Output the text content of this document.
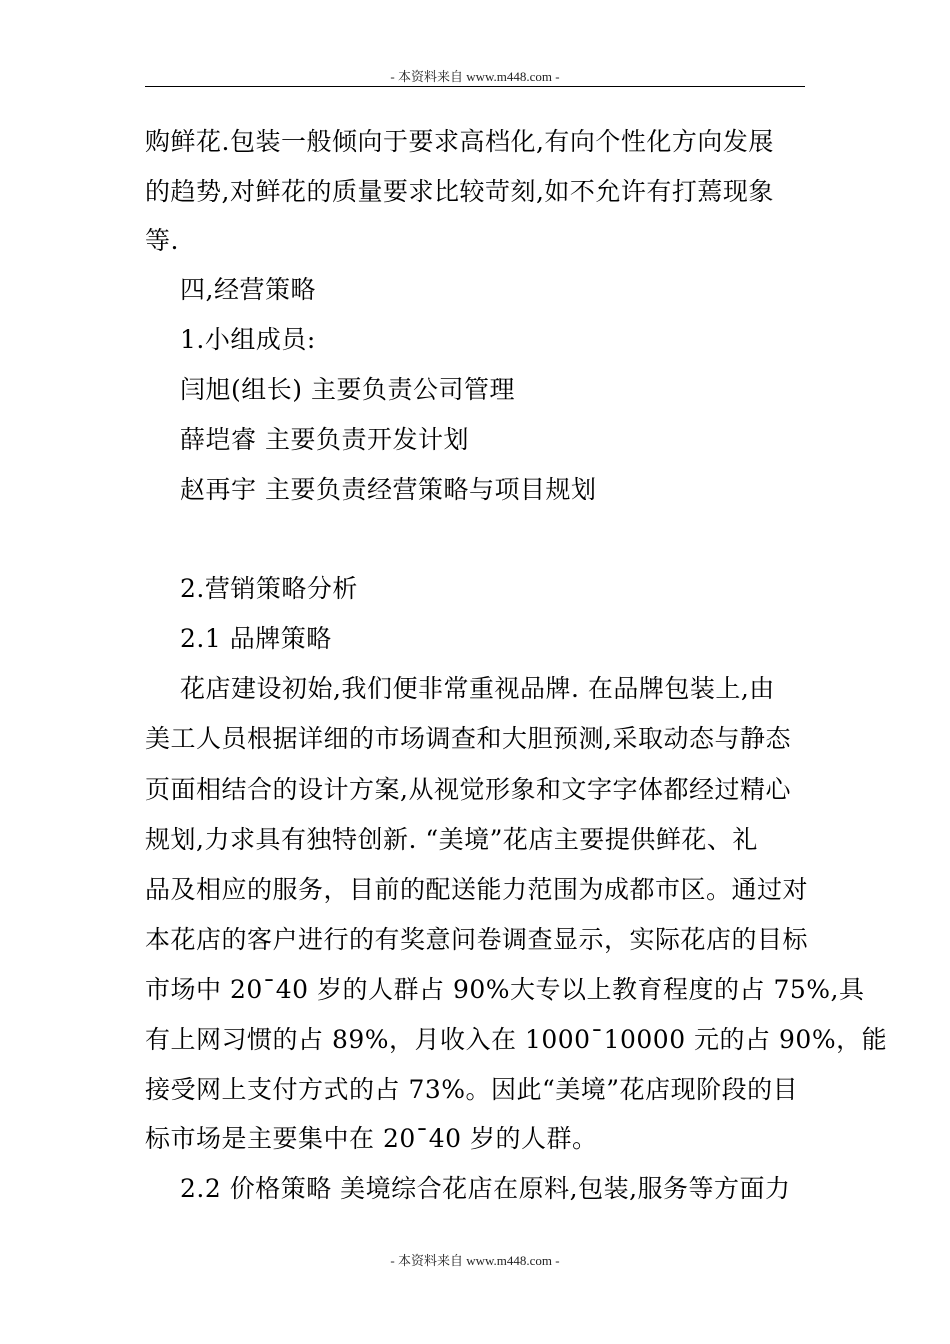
- 本资料来自 www.m448.com -
购鲜花.包装一般倾向于要求高档化,有向个性化方向发展
的趋势,对鲜花的质量要求比较苛刻,如不允许有打蔫现象
等.
四,经营策略
1.小组成员:
闫旭(组长) 主要负责公司管理
薛垲睿 主要负责开发计划
赵再宇 主要负责经营策略与项目规划
2.营销策略分析
2.1 品牌策略
花店建设初始,我们便非常重视品牌. 在品牌包装上,由
美工人员根据详细的市场调查和大胆预测,采取动态与静态
页面相结合的设计方案,从视觉形象和文字字体都经过精心
规划,力求具有独特创新. “美境”花店主要提供鲜花、礼
品及相应的服务，目前的配送能力范围为成都市区。通过对
本花店的客户进行的有奖意问卷调查显示，实际花店的目标
市场中 20¯40 岁的人群占 90%大专以上教育程度的占 75%,具
有上网习惯的占 89%，月收入在 1000¯10000 元的占 90%，能
接受网上支付方式的占 73%。因此“美境”花店现阶段的目
标市场是主要集中在 20¯40 岁的人群。
2.2 价格策略 美境综合花店在原料,包装,服务等方面力
- 本资料来自 www.m448.com -
